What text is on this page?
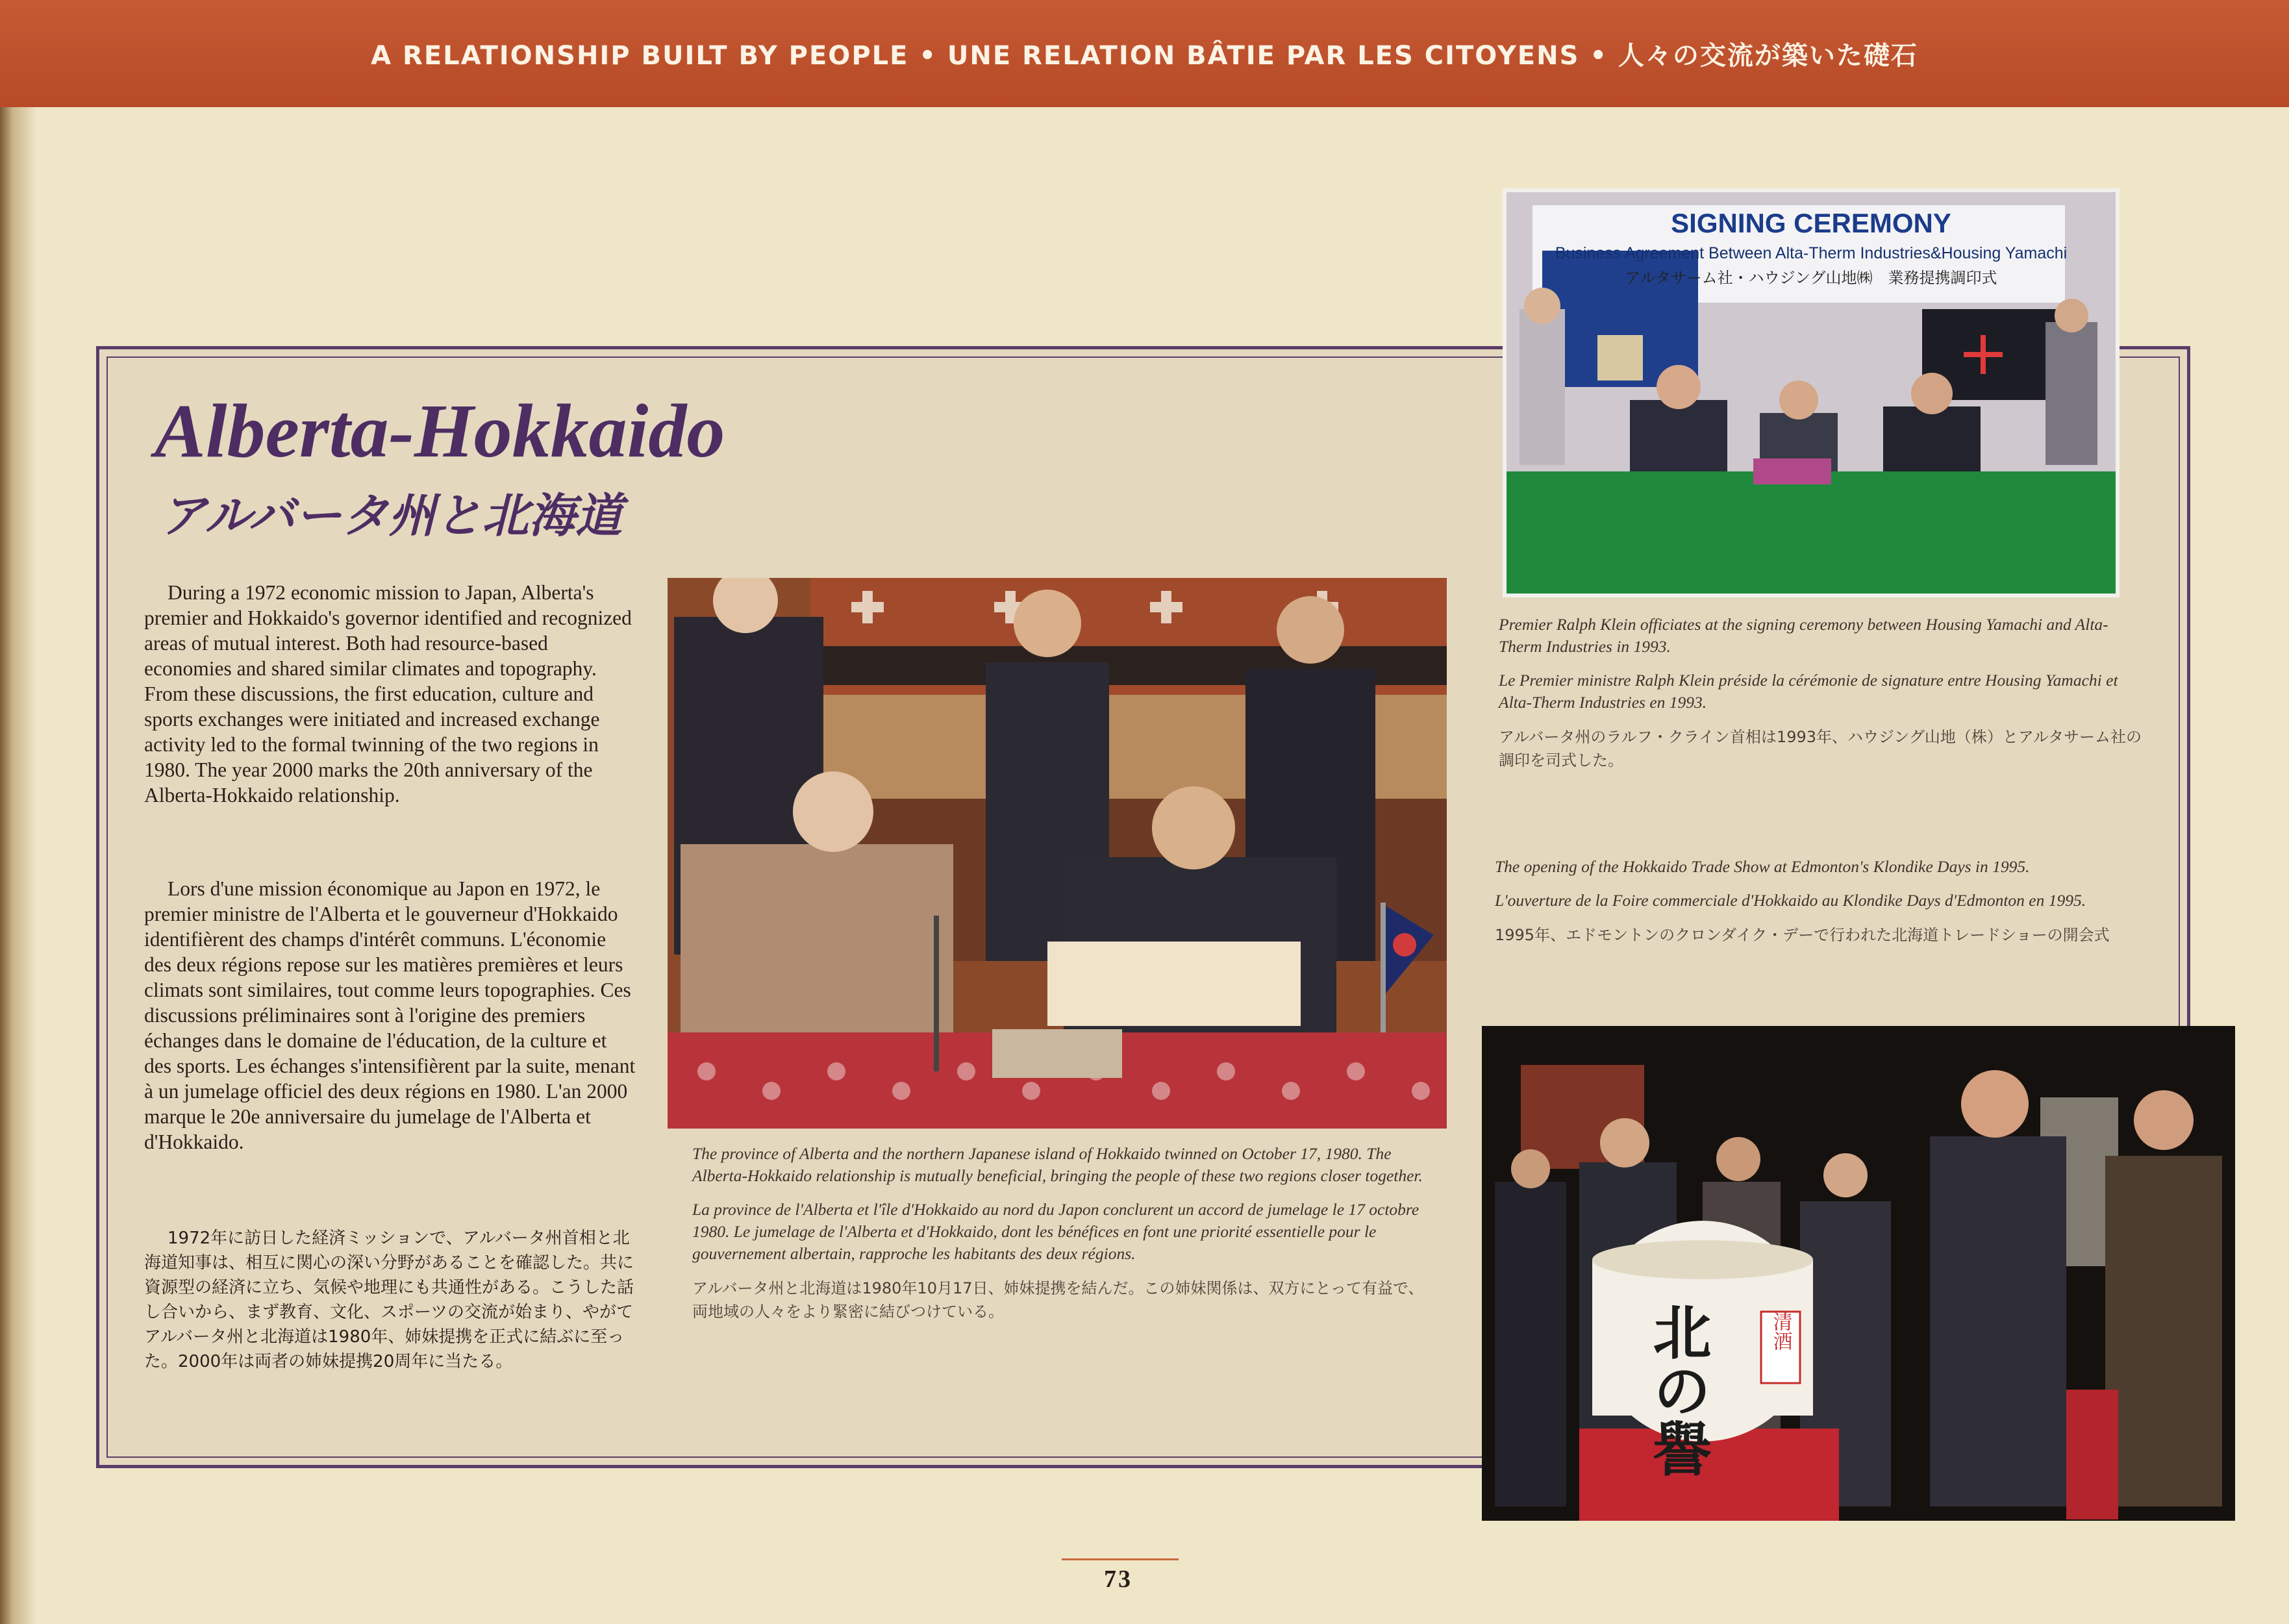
A RELATIONSHIP BUILT BY PEOPLE • UNE RELATION BÂTIE PAR LES CITOYENS • 人々の交流が築いた礎石
Alberta-Hokkaido
アルバータ州と北海道

During a 1972 economic mission to Japan, Alberta's premier and Hokkaido's governor identified and recognized areas of mutual interest. Both had resource-based economies and shared similar climates and topography. From these discussions, the first education, culture and sports exchanges were initiated and increased exchange activity led to the formal twinning of the two regions in 1980. The year 2000 marks the 20th anniversary of the Alberta-Hokkaido relationship.

Lors d'une mission économique au Japon en 1972, le premier ministre de l'Alberta et le gouverneur d'Hokkaido identifièrent des champs d'intérêt communs. L'économie des deux régions repose sur les matières premières et leurs climats sont similaires, tout comme leurs topographies. Ces discussions préliminaires sont à l'origine des premiers échanges dans le domaine de l'éducation, de la culture et des sports. Les échanges s'intensifièrent par la suite, menant à un jumelage officiel des deux régions en 1980. L'an 2000 marque le 20e anniversaire du jumelage de l'Alberta et d'Hokkaido.

1972年に訪日した経済ミッションで、アルバータ州首相と北海道知事は、相互に関心の深い分野があることを確認した。共に資源型の経済に立ち、気候や地理にも共通性がある。こうした話し合いから、まず教育、文化、スポーツの交流が始まり、やがてアルバータ州と北海道は1980年、姉妹提携を正式に結ぶに至った。2000年は両者の姉妹提携20周年に当たる。

The province of Alberta and the northern Japanese island of Hokkaido twinned on October 17, 1980. The Alberta-Hokkaido relationship is mutually beneficial, bringing the people of these two regions closer together.

La province de l'Alberta et l'île d'Hokkaido au nord du Japon conclurent un accord de jumelage le 17 octobre 1980. Le jumelage de l'Alberta et d'Hokkaido, dont les bénéfices en font une priorité essentielle pour le gouvernement albertain, rapproche les habitants des deux régions.

アルバータ州と北海道は1980年10月17日、姉妹提携を結んだ。この姉妹関係は、双方にとって有益で、両地域の人々をより緊密に結びつけている。

SIGNING CEREMONY
Business Agreement Between Alta-Therm Industries&Housing Yamachi
アルタサーム社・ハウジング山地㈱　業務提携調印式

Premier Ralph Klein officiates at the signing ceremony between Housing Yamachi and Alta-Therm Industries in 1993.

Le Premier ministre Ralph Klein préside la cérémonie de signature entre Housing Yamachi et Alta-Therm Industries en 1993.

アルバータ州のラルフ・クライン首相は1993年、ハウジング山地（株）とアルタサーム社の調印を司式した。

The opening of the Hokkaido Trade Show at Edmonton's Klondike Days in 1995.

L'ouverture de la Foire commerciale d'Hokkaido au Klondike Days d'Edmonton en 1995.

1995年、エドモントンのクロンダイク・デーで行われた北海道トレードショーの開会式

北の譽	清酒
73
